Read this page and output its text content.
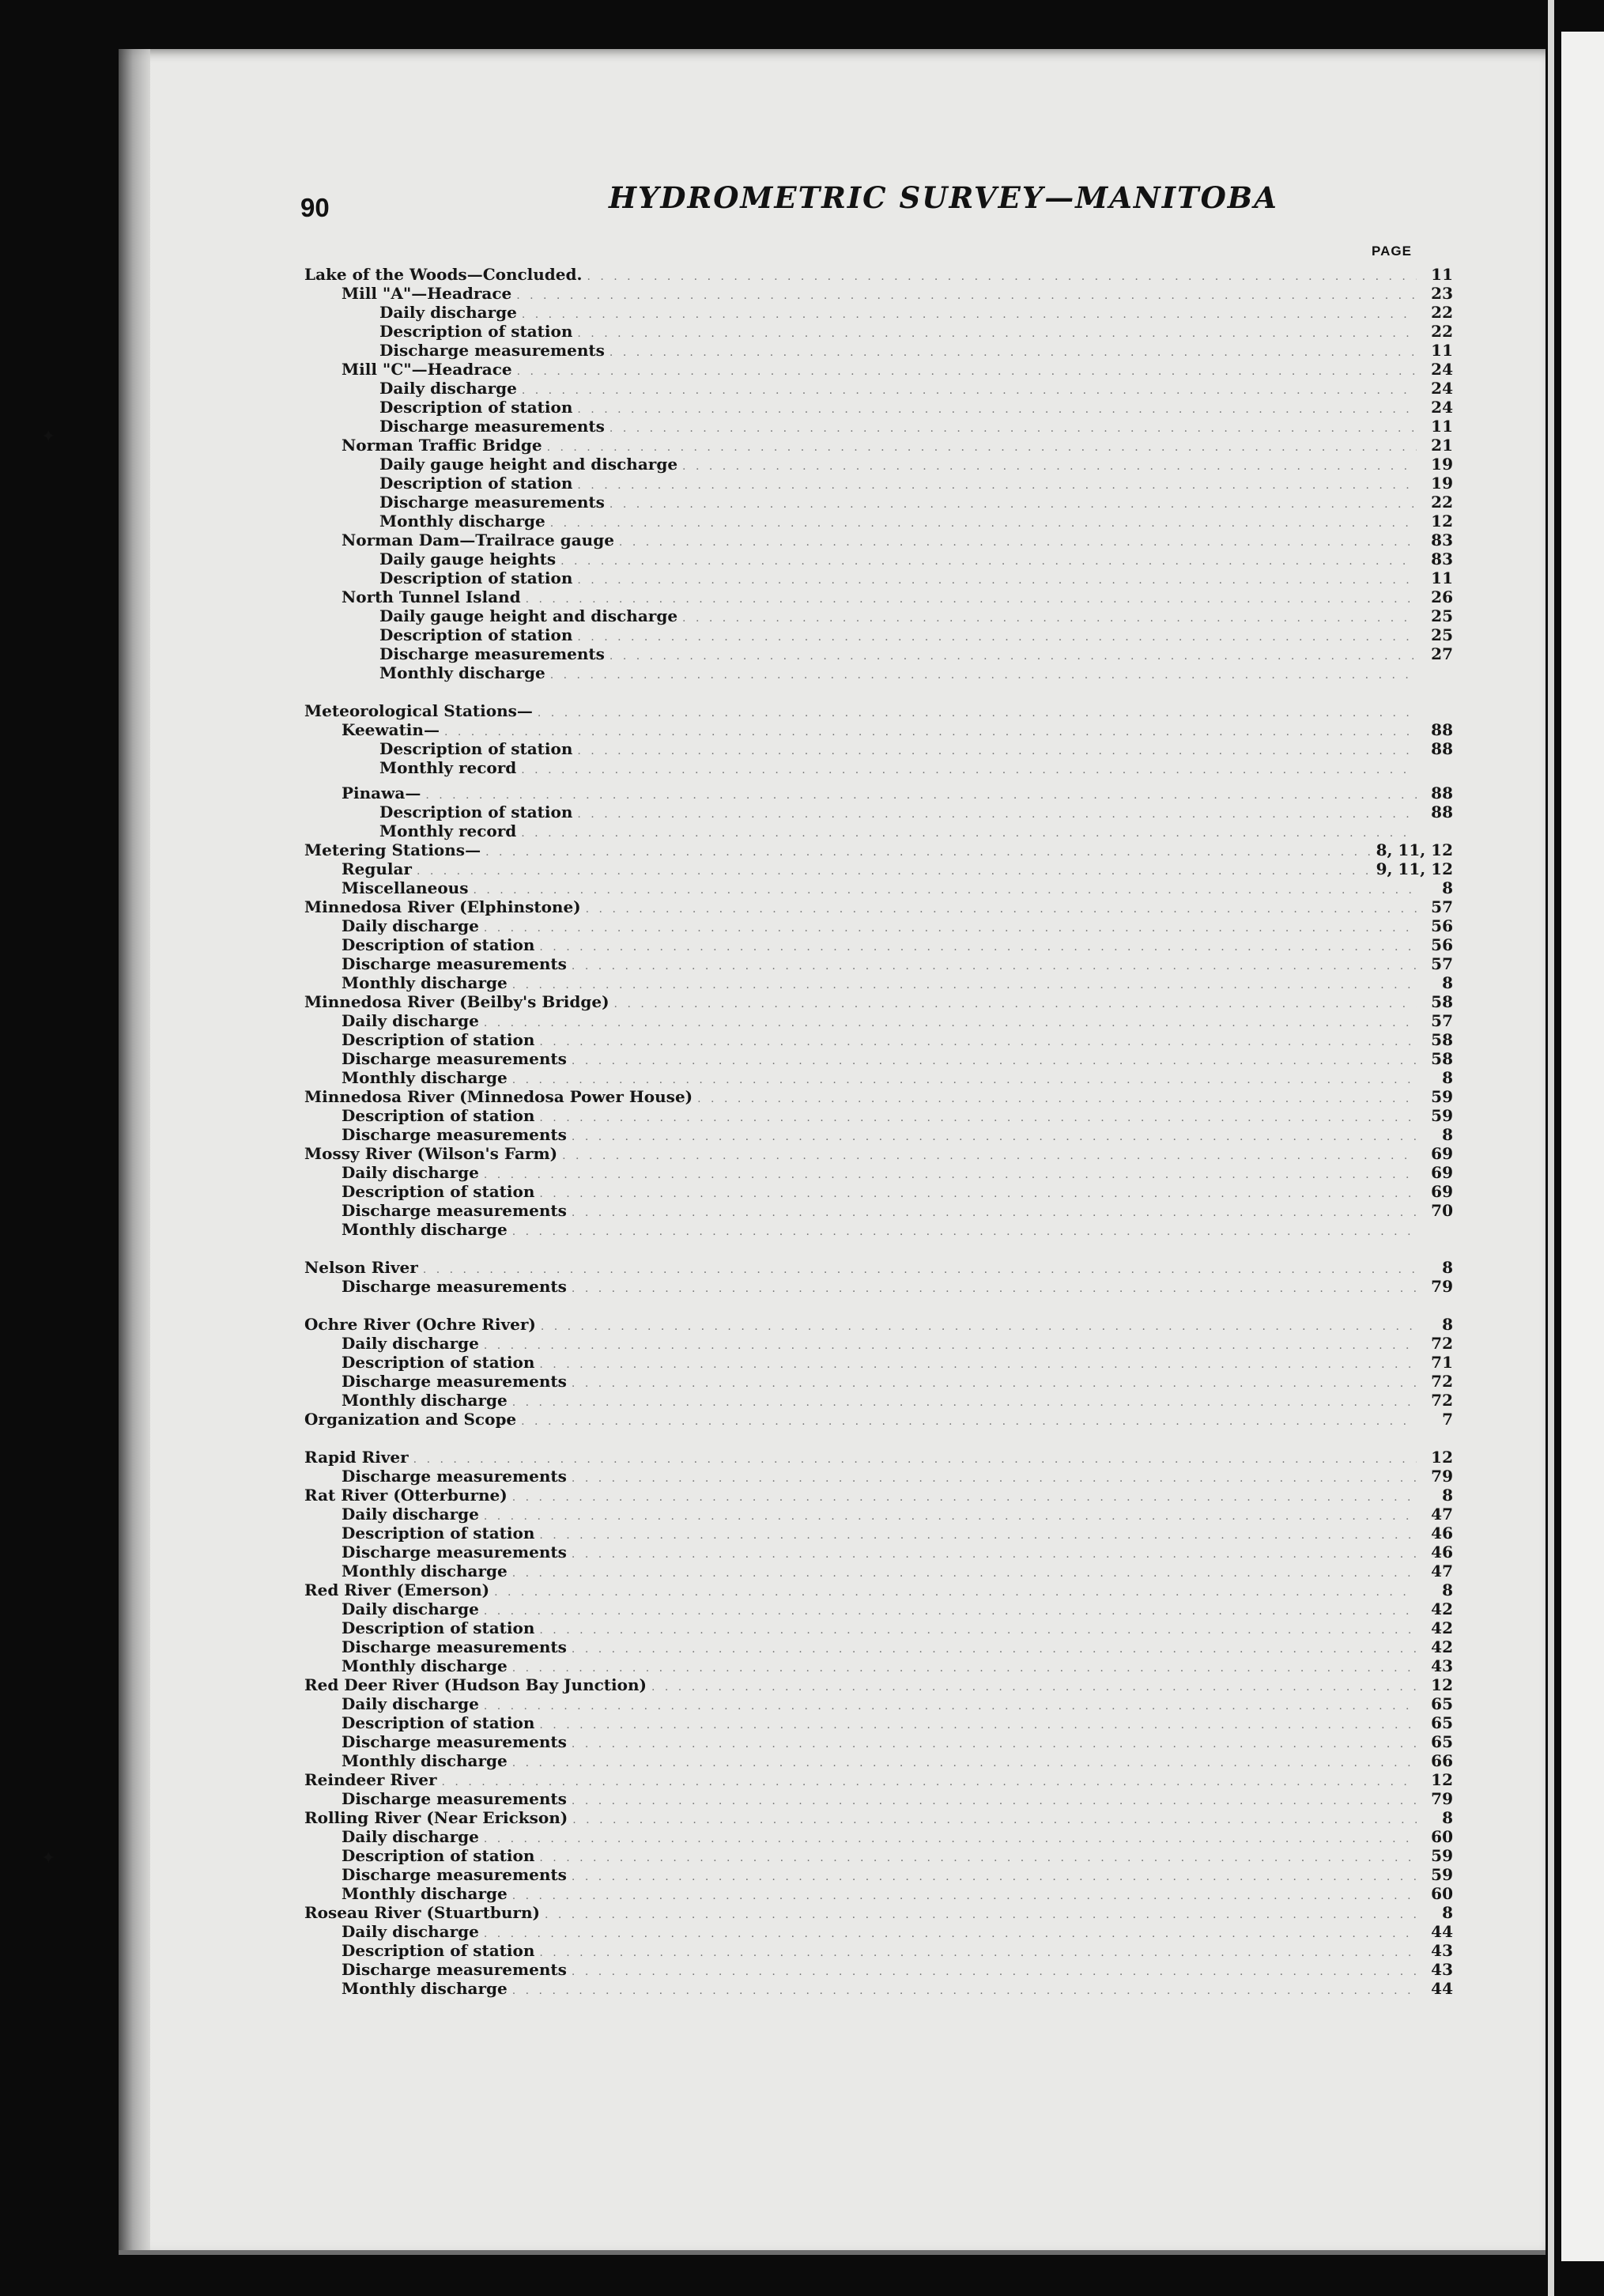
✦
✦
90	HYDROMETRIC SURVEY—MANITOBA
PAGE
Lake of the Woods—Concluded. . . .	11
Mill "A"—Headrace . . .	23
Daily discharge . . .	22
Description of station . . .	22
Discharge measurements . . .	11
Mill "C"—Headrace . . .	24
Daily discharge . . .	24
Description of station . . .	24
Discharge measurements . . .	11
Norman Traffic Bridge . . .	21
Daily gauge height and discharge . . .	19
Description of station . . .	19
Discharge measurements . . .	22
Monthly discharge . . .	12
Norman Dam—Trailrace gauge . . .	83
Daily gauge heights . . .	83
Description of station . . .	11
North Tunnel Island . . .	26
Daily gauge height and discharge . . .	25
Description of station . . .	25
Discharge measurements . . .	27
Monthly discharge
. . .
Meteorological Stations—
. . .
Keewatin— . . .	88
Description of station . . .	88
Monthly record
. . .
Pinawa— . . .	88
Description of station . . .	88
Monthly record
. . .
Metering Stations— . . .	8, 11, 12
Regular . . .	9, 11, 12
Miscellaneous . . .	8
Minnedosa River (Elphinstone) . . .	57
Daily discharge . . .	56
Description of station . . .	56
Discharge measurements . . .	57
Monthly discharge . . .	8
Minnedosa River (Beilby's Bridge) . . .	58
Daily discharge . . .	57
Description of station . . .	58
Discharge measurements . . .	58
Monthly discharge . . .	8
Minnedosa River (Minnedosa Power House) . . .	59
Description of station . . .	59
Discharge measurements . . .	8
Mossy River (Wilson's Farm) . . .	69
Daily discharge . . .	69
Description of station . . .	69
Discharge measurements . . .	70
Monthly discharge
. . .
Nelson River . . .	8
Discharge measurements . . .	79
Ochre River (Ochre River) . . .	8
Daily discharge . . .	72
Description of station . . .	71
Discharge measurements . . .	72
Monthly discharge . . .	72
Organization and Scope . . .	7
Rapid River . . .	12
Discharge measurements . . .	79
Rat River (Otterburne) . . .	8
Daily discharge . . .	47
Description of station . . .	46
Discharge measurements . . .	46
Monthly discharge . . .	47
Red River (Emerson) . . .	8
Daily discharge . . .	42
Description of station . . .	42
Discharge measurements . . .	42
Monthly discharge . . .	43
Red Deer River (Hudson Bay Junction) . . .	12
Daily discharge . . .	65
Description of station . . .	65
Discharge measurements . . .	65
Monthly discharge . . .	66
Reindeer River . . .	12
Discharge measurements . . .	79
Rolling River (Near Erickson) . . .	8
Daily discharge . . .	60
Description of station . . .	59
Discharge measurements . . .	59
Monthly discharge . . .	60
Roseau River (Stuartburn) . . .	8
Daily discharge . . .	44
Description of station . . .	43
Discharge measurements . . .	43
Monthly discharge . . .	44
